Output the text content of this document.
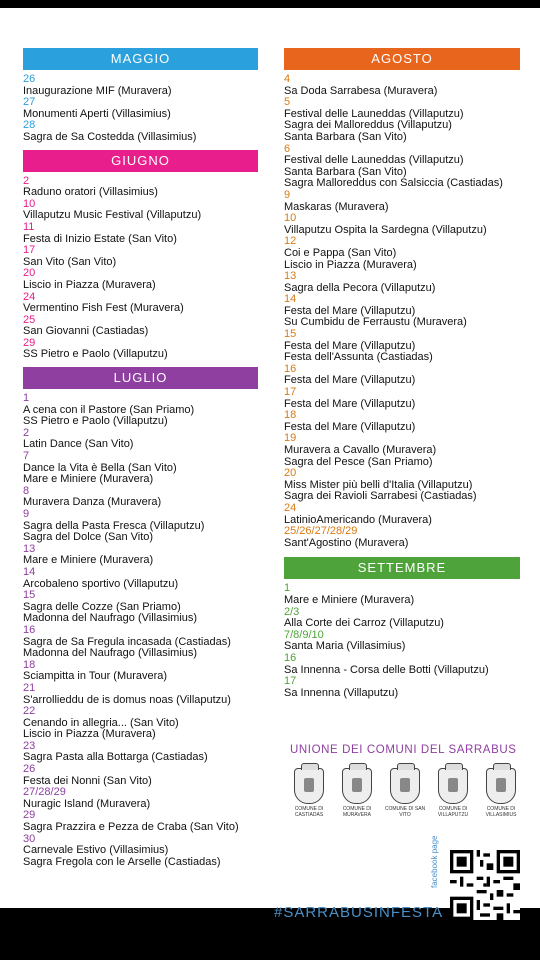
MAGGIO
26
Inaugurazione MIF (Muravera)
27
Monumenti Aperti (Villasimius)
28
Sagra de Sa Costedda (Villasimius)
GIUGNO
2
Raduno oratori (Villasimius)
10
Villaputzu Music Festival (Villaputzu)
11
Festa di Inizio Estate (San Vito)
17
San Vito (San Vito)
20
Liscio in Piazza (Muravera)
24
Vermentino Fish Fest (Muravera)
25
San Giovanni (Castiadas)
29
SS Pietro e Paolo (Villaputzu)
LUGLIO
1
A cena con il Pastore (San Priamo)
SS Pietro e Paolo (Villaputzu)
2
Latin Dance (San Vito)
7
Dance la Vita è Bella (San Vito)
Mare e Miniere (Muravera)
8
Muravera Danza (Muravera)
9
Sagra della Pasta Fresca (Villaputzu)
Sagra del Dolce (San Vito)
13
Mare e Miniere (Muravera)
14
Arcobaleno sportivo (Villaputzu)
15
Sagra delle Cozze (San Priamo)
Madonna del Naufrago (Villasimius)
16
Sagra de Sa Fregula incasada (Castiadas)
Madonna del Naufrago (Villasimius)
18
Sciampitta in Tour (Muravera)
21
S'arrollieddu de is domus noas (Villaputzu)
22
Cenando in allegria... (San Vito)
Liscio in Piazza (Muravera)
23
Sagra Pasta alla Bottarga (Castiadas)
26
Festa dei Nonni (San Vito)
27/28/29
Nuragic Island (Muravera)
29
Sagra Prazzira e Pezza de Craba (San Vito)
30
Carnevale Estivo (Villasimius)
Sagra Fregola con le Arselle (Castiadas)
AGOSTO
4
Sa Doda Sarrabesa (Muravera)
5
Festival delle Launeddas (Villaputzu)
Sagra dei Malloreddus (Villaputzu)
Santa Barbara (San Vito)
6
Festival delle Launeddas (Villaputzu)
Santa Barbara (San Vito)
Sagra Malloreddus con Salsiccia (Castiadas)
9
Maskaras (Muravera)
10
Villaputzu Ospita la Sardegna (Villaputzu)
12
Coi e Pappa (San Vito)
Liscio in Piazza (Muravera)
13
Sagra della Pecora (Villaputzu)
14
Festa del Mare (Villaputzu)
Su Cumbidu de Ferraustu (Muravera)
15
Festa del Mare (Villaputzu)
Festa dell'Assunta (Castiadas)
16
Festa del Mare (Villaputzu)
17
Festa del Mare (Villaputzu)
18
Festa del Mare (Villaputzu)
19
Muravera a Cavallo (Muravera)
Sagra del Pesce (San Priamo)
20
Miss Mister più belli d'Italia (Villaputzu)
Sagra dei Ravioli Sarrabesi (Castiadas)
24
LatinioAmericando (Muravera)
25/26/27/28/29
Sant'Agostino (Muravera)
SETTEMBRE
1
Mare e Miniere (Muravera)
2/3
Alla Corte dei Carroz (Villaputzu)
7/8/9/10
Santa Maria (Villasimius)
16
Sa Innenna - Corsa delle Botti (Villaputzu)
17
Sa Innenna (Villaputzu)
UNIONE DEI COMUNI DEL SARRABUS
COMUNE DI CASTIADAS
COMUNE DI MURAVERA
COMUNE DI SAN VITO
COMUNE DI VILLAPUTZU
COMUNE DI VILLASIMIUS
#SARRABUSINFESTA
facebook page
